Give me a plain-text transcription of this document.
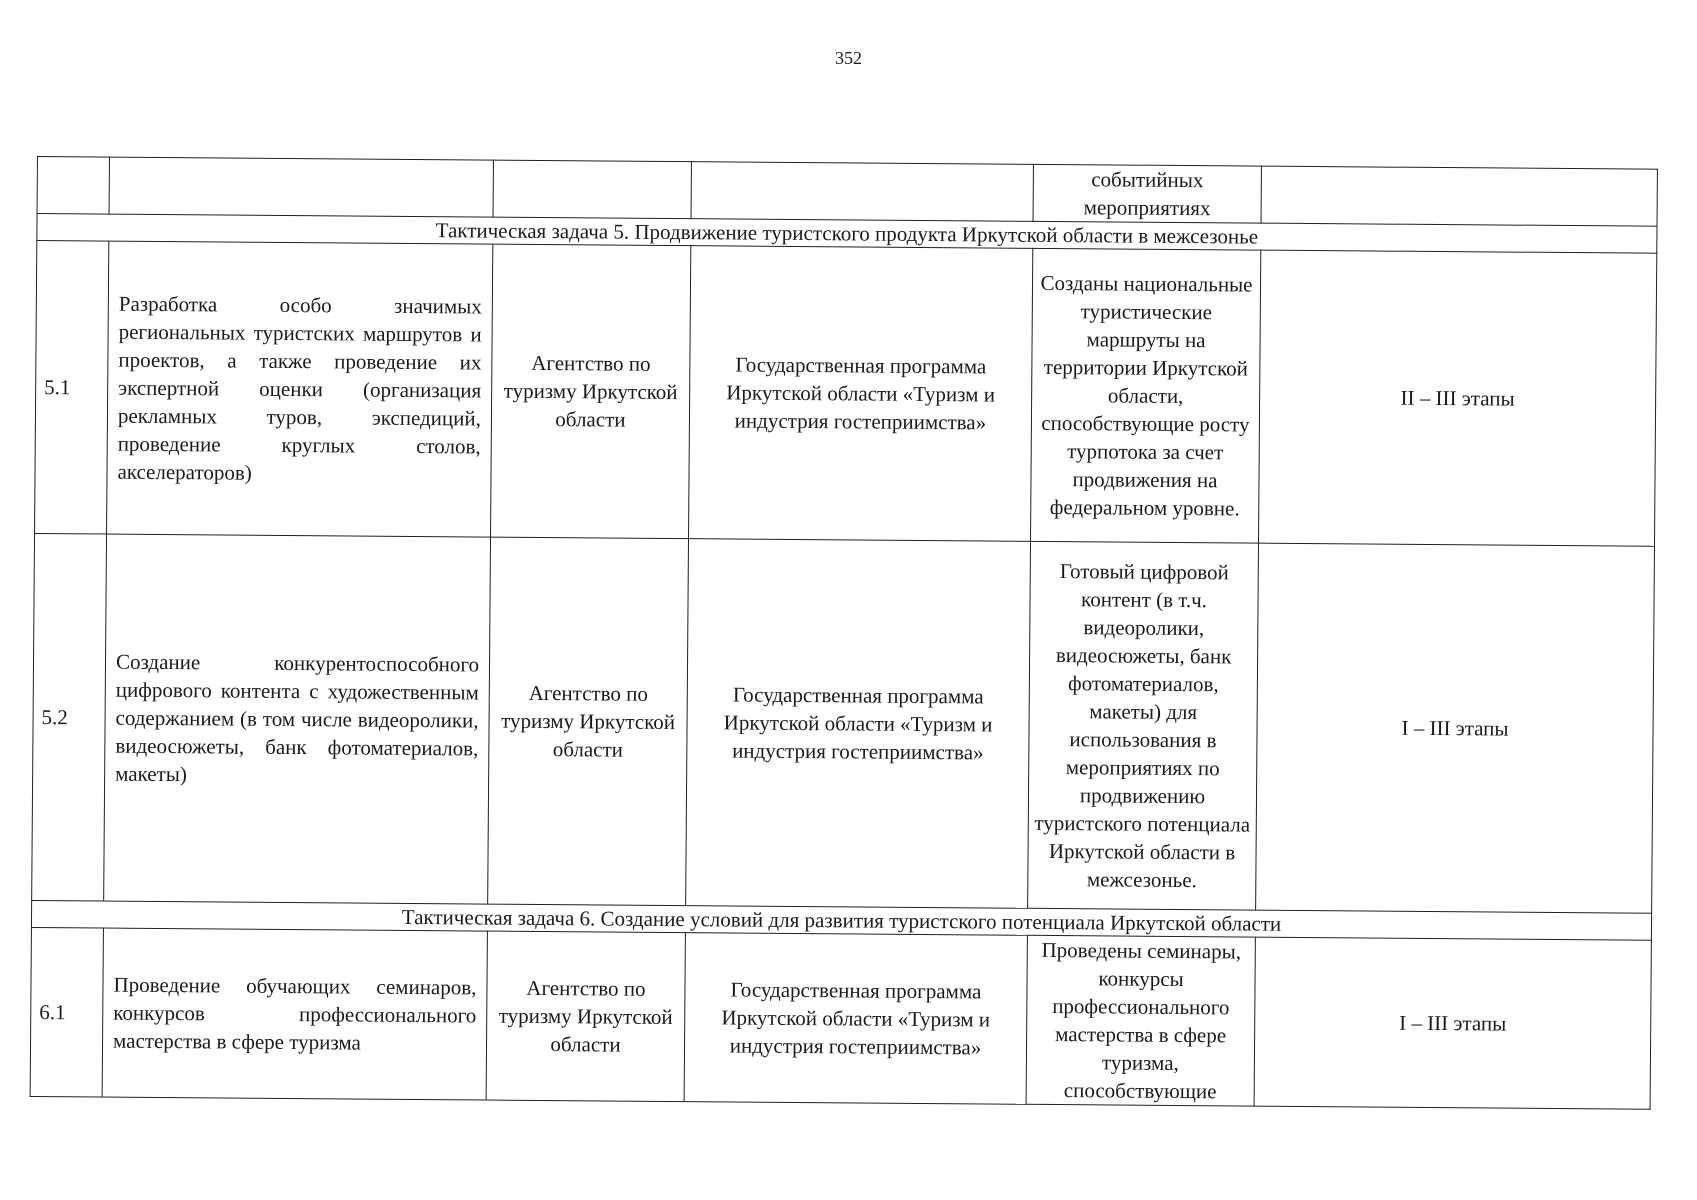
352
				событийных мероприятиях	
Тактическая задача 5. Продвижение туристского продукта Иркутской области в межсезонье					
5.1	Разработка особо значимых региональных туристских маршрутов и проектов, а также проведение их экспертной оценки (организация рекламных туров, экспедиций, проведение круглых столов, акселераторов)	Агентство по туризму Иркутской области	Государственная программа Иркутской области «Туризм и индустрия гостеприимства»	Созданы национальные туристические маршруты на территории Иркутской области, способствующие росту турпотока за счет продвижения на федеральном уровне.	II – III этапы
5.2	Создание конкурентоспособного цифрового контента с художественным содержанием (в том числе видеоролики, видеосюжеты, банк фотоматериалов, макеты)	Агентство по туризму Иркутской области	Государственная программа Иркутской области «Туризм и индустрия гостеприимства»	Готовый цифровой контент (в т.ч. видеоролики, видеосюжеты, банк фотоматериалов, макеты) для использования в мероприятиях по продвижению туристского потенциала Иркутской области в межсезонье.	I – III этапы
Тактическая задача 6. Создание условий для развития туристского потенциала Иркутской области					
6.1	Проведение обучающих семинаров, конкурсов профессионального мастерства в сфере туризма	Агентство по туризму Иркутской области	Государственная программа Иркутской области «Туризм и индустрия гостеприимства»	Проведены семинары, конкурсы профессионального мастерства в сфере туризма, способствующие	I – III этапы
